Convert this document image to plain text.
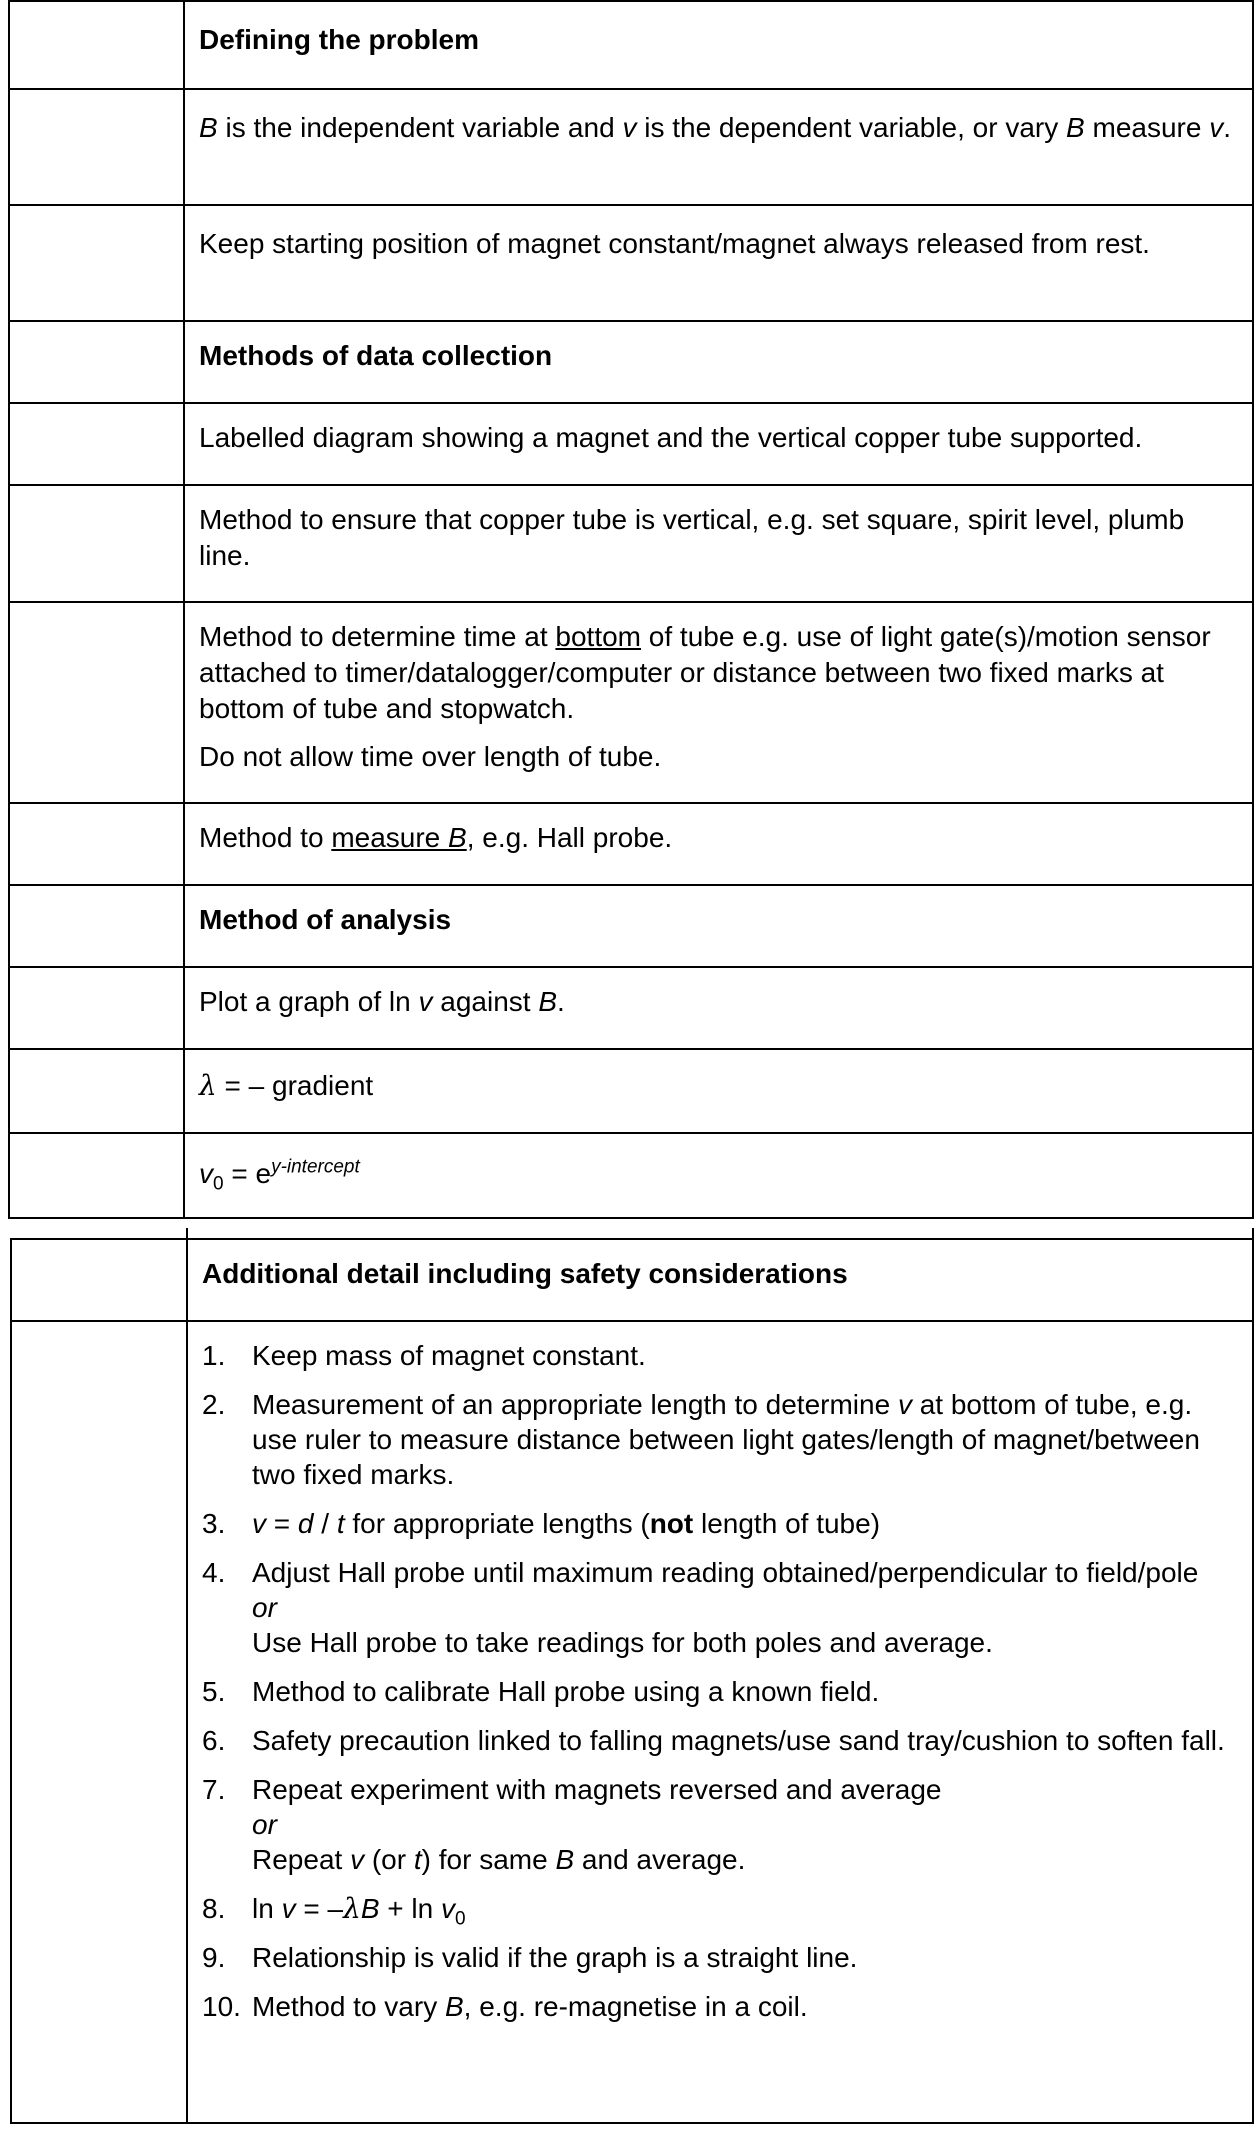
Defining the problem
B is the independent variable and v is the dependent variable, or vary B measure v.
Keep starting position of magnet constant/magnet always released from rest.
Methods of data collection
Labelled diagram showing a magnet and the vertical copper tube supported.
Method to ensure that copper tube is vertical, e.g. set square, spirit level, plumb line.
Method to determine time at bottom of tube e.g. use of light gate(s)/motion sensor attached to timer/datalogger/computer or distance between two fixed marks at bottom of tube and stopwatch.
Do not allow time over length of tube.
Method to measure B, e.g. Hall probe.
Method of analysis
Plot a graph of ln v against B.
λ = – gradient
$v_0 = e^{y-intercept}$
Additional detail including safety considerations
1. Keep mass of magnet constant.
2. Measurement of an appropriate length to determine v at bottom of tube, e.g. use ruler to measure distance between light gates/length of magnet/between two fixed marks.
3. v = d / t for appropriate lengths (not length of tube)
4. Adjust Hall probe until maximum reading obtained/perpendicular to field/pole
or
Use Hall probe to take readings for both poles and average.
5. Method to calibrate Hall probe using a known field.
6. Safety precaution linked to falling magnets/use sand tray/cushion to soften fall.
7. Repeat experiment with magnets reversed and average
or
Repeat v (or t) for same B and average.
8. $\ln v = -\lambda B + \ln v_0$
9. Relationship is valid if the graph is a straight line.
10. Method to vary B, e.g. re-magnetise in a coil.
